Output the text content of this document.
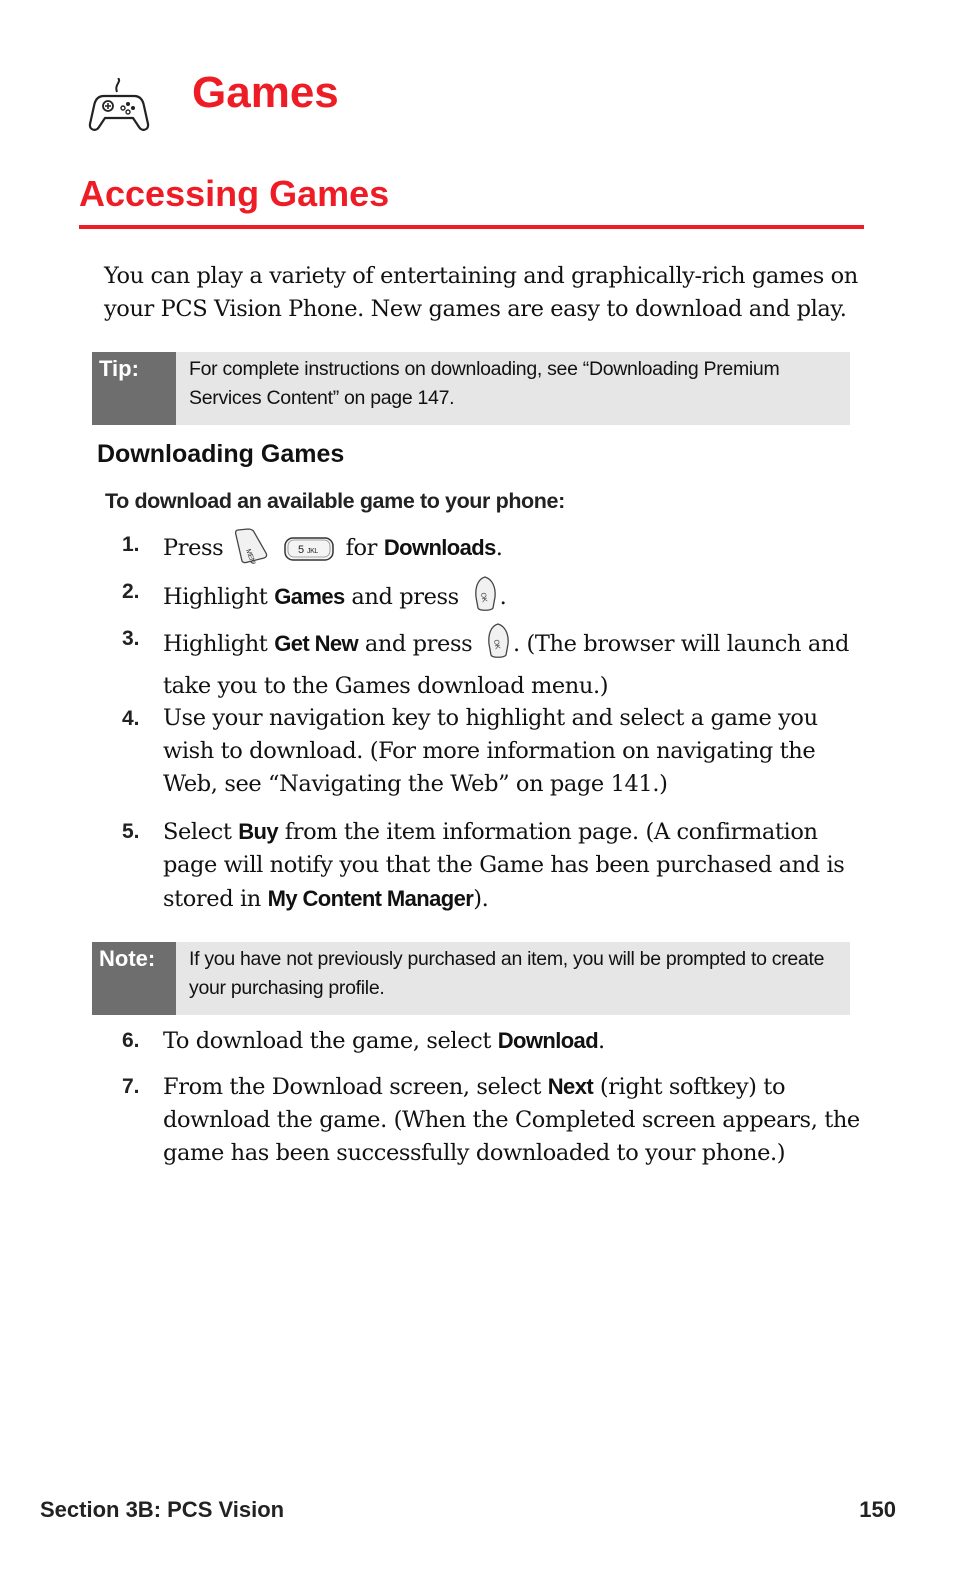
Games
Accessing Games

You can play a variety of entertaining and graphically-rich games on your PCS Vision Phone. New games are easy to download and play.

Tip:	For complete instructions on downloading, see “Downloading Premium Services Content” on page 147.
Downloading Games

To download an available game to your phone:

1. Press	MENU
	5 JKL for Downloads.
2. Highlight Games and press	OK .
3. Highlight Get New and press	OK . (The browser will launch and take you to the Games download menu.)
4. Use your navigation key to highlight and select a game you wish to download. (For more information on navigating the Web, see “Navigating the Web” on page 141.)
5. Select Buy from the item information page. (A confirmation page will notify you that the Game has been purchased and is stored in My Content Manager).
Note:	If you have not previously purchased an item, you will be prompted to create your purchasing profile.
6. To download the game, select Download.
7. From the Download screen, select Next (right softkey) to download the game. (When the Completed screen appears, the game has been successfully downloaded to your phone.)

Section 3B: PCS Vision	150
